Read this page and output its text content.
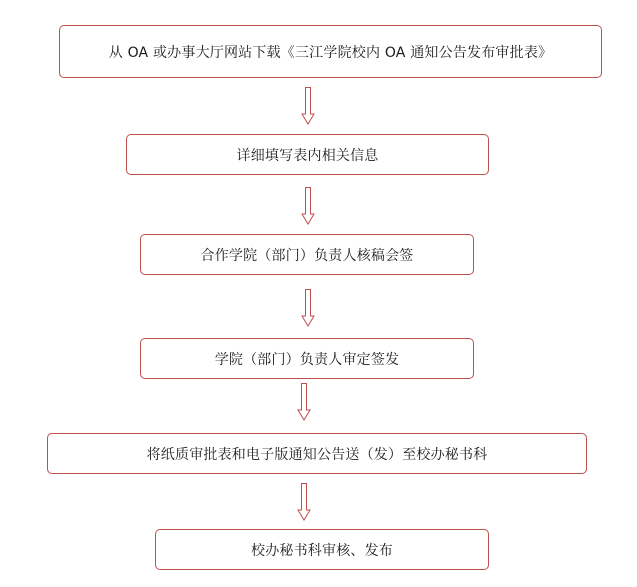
从 OA 或办事大厅网站下载《三江学院校内 OA 通知公告发布审批表》
详细填写表内相关信息
合作学院（部门）负责人核稿会签
学院（部门）负责人审定签发
将纸质审批表和电子版通知公告送（发）至校办秘书科
校办秘书科审核、发布
